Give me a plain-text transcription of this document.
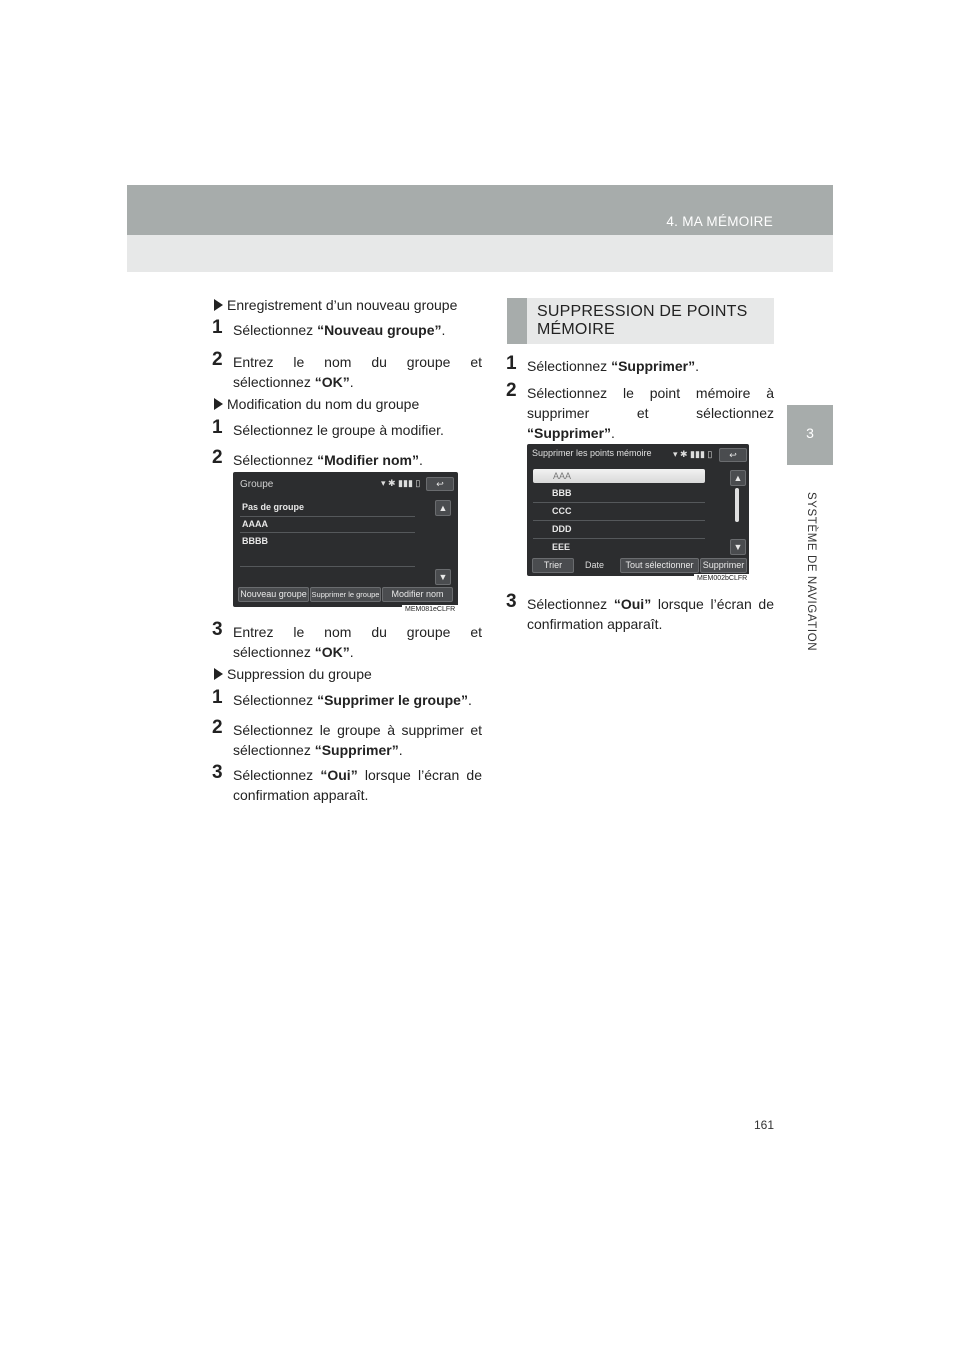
4. MA MÉMOIRE
3
SYSTÈME DE NAVIGATION
Enregistrement d’un nouveau groupe
1 Sélectionnez “Nouveau groupe”.
2 Entrez le nom du groupe et sélectionnez “OK”.
Modification du nom du groupe
1 Sélectionnez le groupe à modifier.
2 Sélectionnez “Modifier nom”.
Groupe	▾ ✱ ▮▮▮ ▯	↩
Pas de groupe
AAAA
BBBB
▲
▼
Nouveau groupe Supprimer le groupe	Modifier nom
MEM081eCLFR
3 Entrez le nom du groupe et sélectionnez “OK”.
Suppression du groupe
1 Sélectionnez “Supprimer le groupe”.
2 Sélectionnez le groupe à supprimer et sélectionnez “Supprimer”.
3 Sélectionnez “Oui” lorsque l’écran de confirmation apparaît.
SUPPRESSION DE POINTS MÉMOIRE
1 Sélectionnez “Supprimer”.
2 Sélectionnez le point mémoire à supprimer et sélectionnez “Supprimer”.
Supprimer les points mémoire ▾ ✱ ▮▮▮ ▯	↩
AAA
BBB
CCC
DDD
EEE
▲
▼
Trier	Date	Tout sélectionner	Supprimer
MEM002bCLFR
3 Sélectionnez “Oui” lorsque l’écran de confirmation apparaît.
161
